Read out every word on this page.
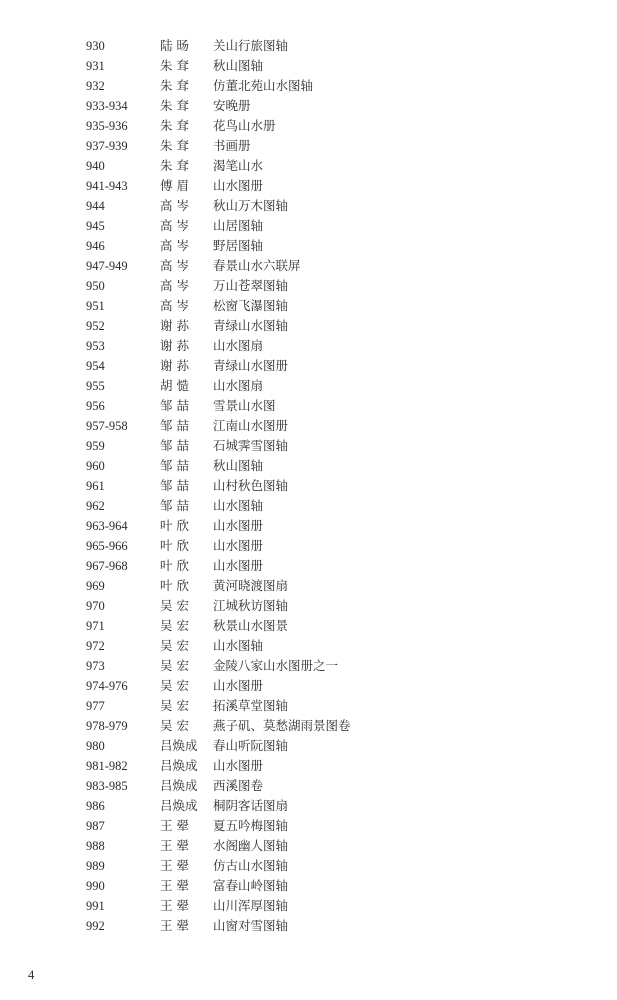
930	陆 旸	关山行旅图轴
931	朱 耷	秋山图轴
932	朱 耷	仿董北苑山水图轴
933-934	朱 耷	安晚册
935-936	朱 耷	花鸟山水册
937-939	朱 耷	书画册
940	朱 耷	渴笔山水
941-943	傅 眉	山水图册
944	高 岑	秋山万木图轴
945	高 岑	山居图轴
946	高 岑	野居图轴
947-949	高 岑	春景山水六联屏
950	高 岑	万山苍翠图轴
951	高 岑	松窗飞瀑图轴
952	谢 荪	青绿山水图轴
953	谢 荪	山水图扇
954	谢 荪	青绿山水图册
955	胡 慥	山水图扇
956	邹 喆	雪景山水图
957-958	邹 喆	江南山水图册
959	邹 喆	石城霁雪图轴
960	邹 喆	秋山图轴
961	邹 喆	山村秋色图轴
962	邹 喆	山水图轴
963-964	叶 欣	山水图册
965-966	叶 欣	山水图册
967-968	叶 欣	山水图册
969	叶 欣	黄河晓渡图扇
970	吴 宏	江城秋访图轴
971	吴 宏	秋景山水图景
972	吴 宏	山水图轴
973	吴 宏	金陵八家山水图册之一
974-976	吴 宏	山水图册
977	吴 宏	拓溪草堂图轴
978-979	吴 宏	燕子矶、莫愁湖雨景图卷
980	吕焕成	春山听阮图轴
981-982	吕焕成	山水图册
983-985	吕焕成	西溪图卷
986	吕焕成	桐阴客话图扇
987	王 翚	夏五吟梅图轴
988	王 翚	水阁幽人图轴
989	王 翚	仿古山水图轴
990	王 翚	富春山岭图轴
991	王 翚	山川浑厚图轴
992	王 翚	山窗对雪图轴
4
